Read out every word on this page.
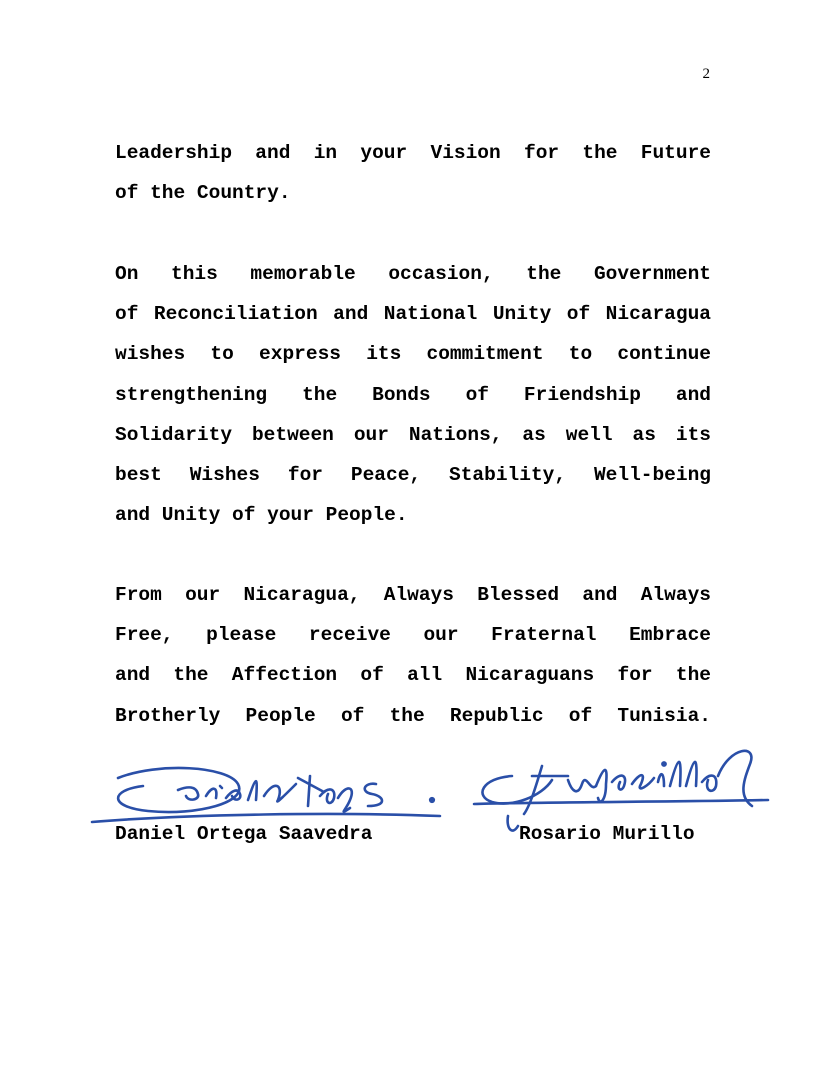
2
Leadership and in your Vision for the Future
of the Country.
On this memorable occasion, the Government
of Reconciliation and National Unity of Nicaragua
wishes to express its commitment to continue
strengthening the Bonds of Friendship and
Solidarity between our Nations, as well as its
best Wishes for Peace, Stability, Well-being
and Unity of your People.
From our Nicaragua, Always Blessed and Always
Free, please receive our Fraternal Embrace
and the Affection of all Nicaraguans for the
Brotherly People of the Republic of Tunisia.
Daniel Ortega Saavedra	Rosario Murillo
